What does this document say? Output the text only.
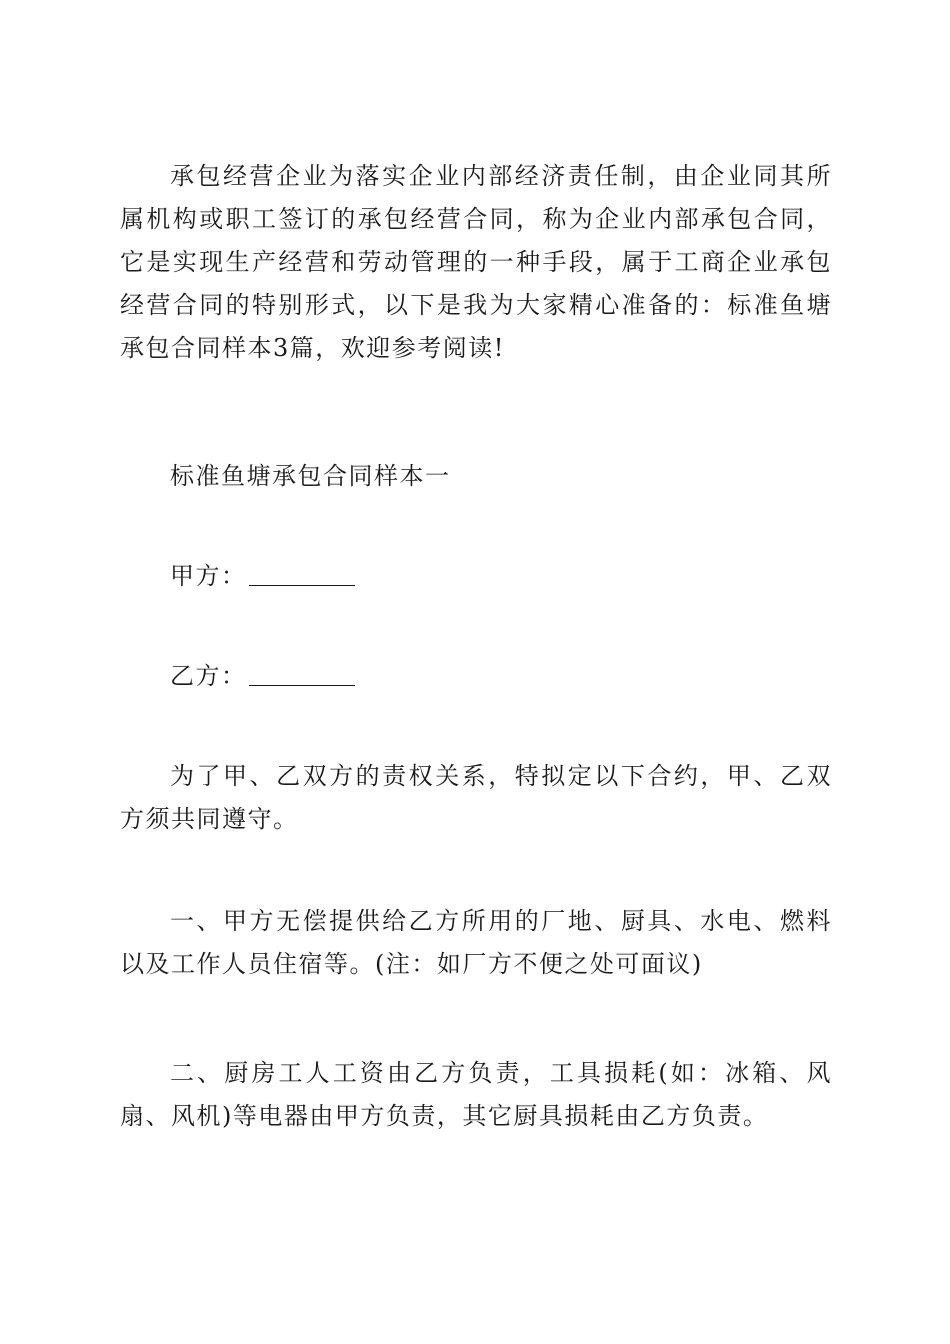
承包经营企业为落实企业内部经济责任制，由企业同其所属机构或职工签订的承包经营合同，称为企业内部承包合同，它是实现生产经营和劳动管理的一种手段，属于工商企业承包经营合同的特别形式，以下是我为大家精心准备的：标准鱼塘承包合同样本3篇，欢迎参考阅读!

标准鱼塘承包合同样本一

甲方：

乙方：

为了甲、乙双方的责权关系，特拟定以下合约，甲、乙双方须共同遵守。

一、甲方无偿提供给乙方所用的厂地、厨具、水电、燃料以及工作人员住宿等。(注：如厂方不便之处可面议)

二、厨房工人工资由乙方负责，工具损耗(如：冰箱、风扇、风机)等电器由甲方负责，其它厨具损耗由乙方负责。
